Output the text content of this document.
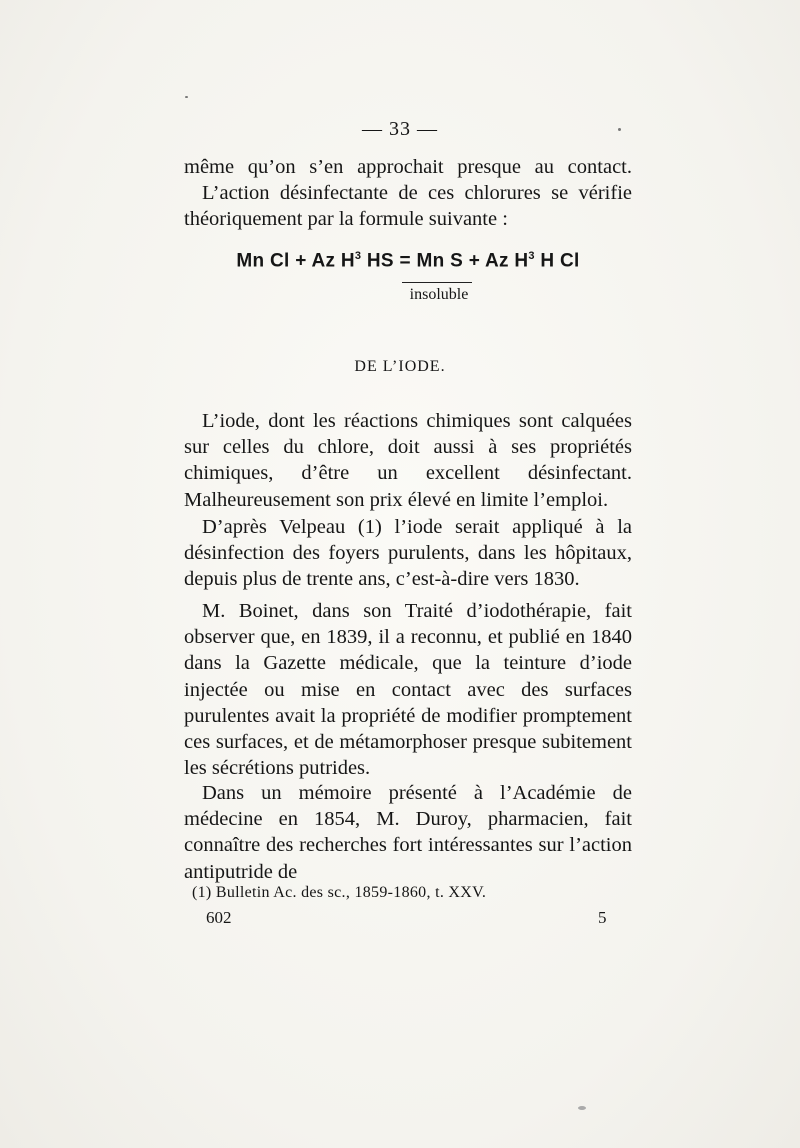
— 33 —
même qu’on s’en approchait presque au contact.
L’action désinfectante de ces chlorures se vérifie théoriquement par la formule suivante :
Mn Cl + Az $H^3$ HS = Mn S + Az $H^3$ H Cl
insoluble
DE L’IODE.
L’iode, dont les réactions chimiques sont calquées sur celles du chlore, doit aussi à ses propriétés chimiques, d’être un excellent désinfectant. Malheureusement son prix élevé en limite l’emploi.
D’après Velpeau (1) l’iode serait appliqué à la désinfection des foyers purulents, dans les hôpitaux, depuis plus de trente ans, c’est-à-dire vers 1830.
M. Boinet, dans son Traité d’iodothérapie, fait observer que, en 1839, il a reconnu, et publié en 1840 dans la Gazette médicale, que la teinture d’iode injectée ou mise en contact avec des surfaces purulentes avait la propriété de modifier promptement ces surfaces, et de métamorphoser presque subitement les sécrétions putrides.
Dans un mémoire présenté à l’Académie de médecine en 1854, M. Duroy, pharmacien, fait connaître des recherches fort intéressantes sur l’action antiputride de
(1) Bulletin Ac. des sc., 1859-1860, t. XXV.
602	5
